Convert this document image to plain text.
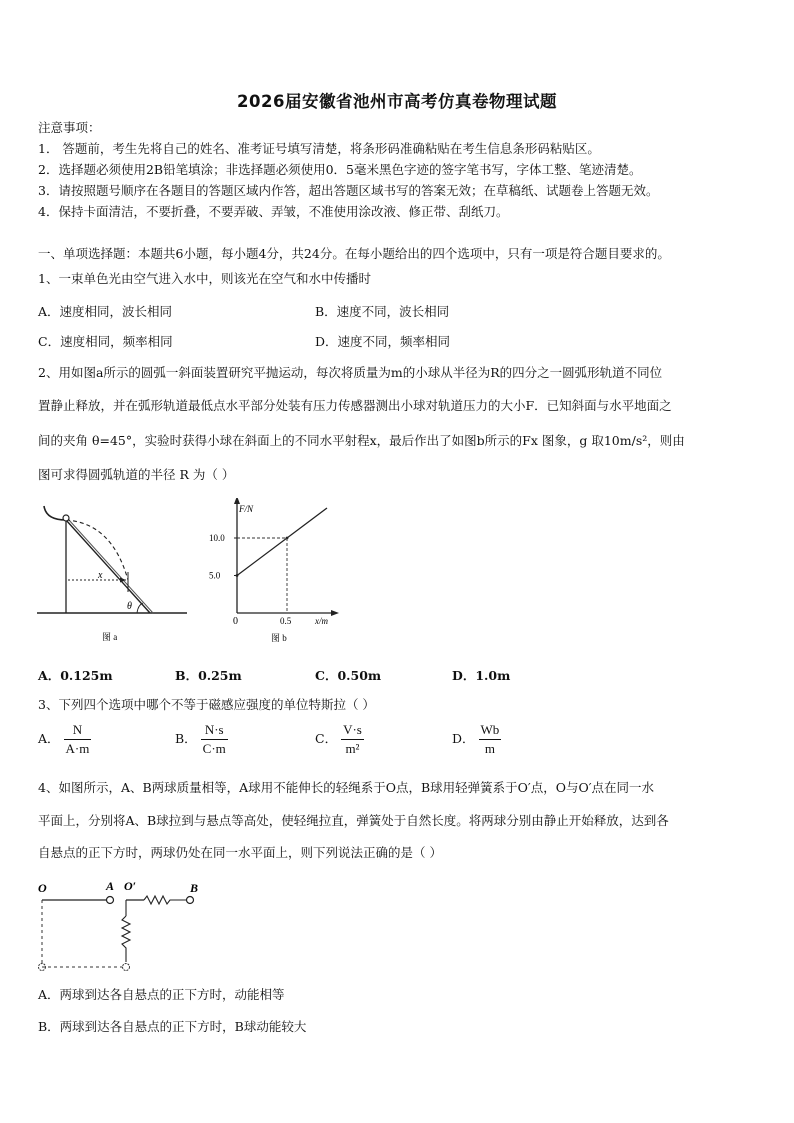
2026届安徽省池州市高考仿真卷物理试题
注意事项：
1． 答题前，考生先将自己的姓名、准考证号填写清楚，将条形码准确粘贴在考生信息条形码粘贴区。
2．选择题必须使用2B铅笔填涂；非选择题必须使用0．5毫米黑色字迹的签字笔书写，字体工整、笔迹清楚。
3．请按照题号顺序在各题目的答题区域内作答，超出答题区域书写的答案无效；在草稿纸、试题卷上答题无效。
4．保持卡面清洁，不要折叠，不要弄破、弄皱，不准使用涂改液、修正带、刮纸刀。
一、单项选择题：本题共6小题，每小题4分，共24分。在每小题给出的四个选项中，只有一项是符合题目要求的。
1、一束单色光由空气进入水中，则该光在空气和水中传播时
A．速度相同，波长相同	B．速度不同，波长相同
C．速度相同，频率相同	D．速度不同，频率相同
2、用如图a所示的圆弧一斜面装置研究平抛运动，每次将质量为m的小球从半径为R的四分之一圆弧形轨道不同位
置静止释放，并在弧形轨道最低点水平部分处装有压力传感器测出小球对轨道压力的大小F．已知斜面与水平地面之
间的夹角 θ=45°，实验时获得小球在斜面上的不同水平射程x，最后作出了如图b所示的Fx 图象，g 取10m/s²，则由
图可求得圆弧轨道的半径 R 为（ ）
x
θ
图 a
10.0
5.0
0.5
F/N
x/m
0
图 b
A．0.125m	B．0.25m	C．0.50m	D．1.0m
3、下列四个选项中哪个不等于磁感应强度的单位特斯拉（ ）
A． $\frac{N}{A\cdot m}$	B． $\frac{N\cdot s}{C\cdot m}$	C． $\frac{V\cdot s}{\text{m²}}$	D． $\frac{Wb}{m}$
4、如图所示，A、B两球质量相等，A球用不能伸长的轻绳系于O点，B球用轻弹簧系于O′点，O与O′点在同一水
平面上，分别将A、B球拉到与悬点等高处，使轻绳拉直，弹簧处于自然长度。将两球分别由静止开始释放，达到各
自悬点的正下方时，两球仍处在同一水平面上，则下列说法正确的是（ ）
O	A O′	B
A．两球到达各自悬点的正下方时，动能相等
B．两球到达各自悬点的正下方时，B球动能较大
